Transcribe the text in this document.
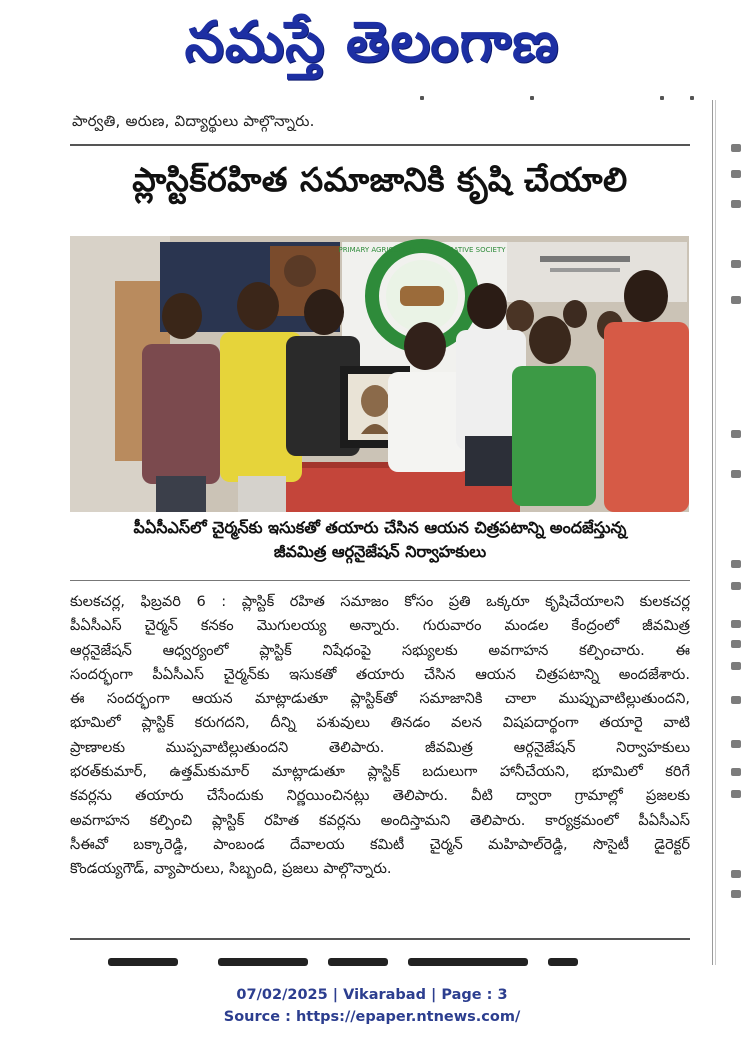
నమస్తే తెలంగాణ
పార్వతి, అరుణ, విద్యార్థులు పాల్గొన్నారు.
ప్లాస్టిక్‌రహిత సమాజానికి కృషి చేయాలి
PRIMARY AGRICULTURE CO OPERATIVE SOCIETY
పీఏసీఎస్‌లో చైర్మన్‌కు ఇసుకతో తయారు చేసిన ఆయన చిత్రపటాన్ని అందజేస్తున్న
జీవమిత్ర ఆర్గనైజేషన్ నిర్వాహకులు
కులకచర్ల, ఫిబ్రవరి 6 : ప్లాస్టిక్ రహిత సమాజం కోసం ప్రతి ఒక్కరూ కృషిచేయాలని కులకచర్ల
పీఏసీఎస్ చైర్మన్ కనకం మొగులయ్య అన్నారు. గురువారం మండల కేంద్రంలో జీవమిత్ర
ఆర్గనైజేషన్ ఆధ్వర్యంలో ప్లాస్టిక్ నిషేధంపై సభ్యులకు అవగాహన కల్పించారు. ఈ
సందర్భంగా పీఏసీఎస్ చైర్మన్‌కు ఇసుకతో తయారు చేసిన ఆయన చిత్రపటాన్ని అందజేశారు.
ఈ సందర్భంగా ఆయన మాట్లాడుతూ ప్లాస్టిక్‌తో సమాజానికి చాలా ముప్పువాటిల్లుతుందని,
భూమిలో ప్లాస్టిక్ కరుగదని, దీన్ని పశువులు తినడం వలన విషపదార్థంగా తయారై వాటి
ప్రాణాలకు ముప్పవాటిల్లుతుందని తెలిపారు. జీవమిత్ర ఆర్గనైజేషన్ నిర్వాహకులు
భరత్‌కుమార్, ఉత్తమ్‌కుమార్ మాట్లాడుతూ ప్లాస్టిక్ బదులుగా హానీచేయని, భూమిలో కరిగే
కవర్లను తయారు చేసేందుకు నిర్ణయించినట్లు తెలిపారు. వీటి ద్వారా గ్రామాల్లో ప్రజలకు
అవగాహన కల్పించి ప్లాస్టిక్ రహిత కవర్లను అందిస్తామని తెలిపారు. కార్యక్రమంలో పీఏసీఎస్
సీఈవో బక్కారెడ్డి, పాంబండ దేవాలయ కమిటీ చైర్మన్ మహిపాల్‌రెడ్డి, సొసైటీ డైరెక్టర్
కొండయ్యగౌడ్, వ్యాపారులు, సిబ్బంది, ప్రజలు పాల్గొన్నారు.
07/02/2025 | Vikarabad | Page : 3
Source : https://epaper.ntnews.com/
